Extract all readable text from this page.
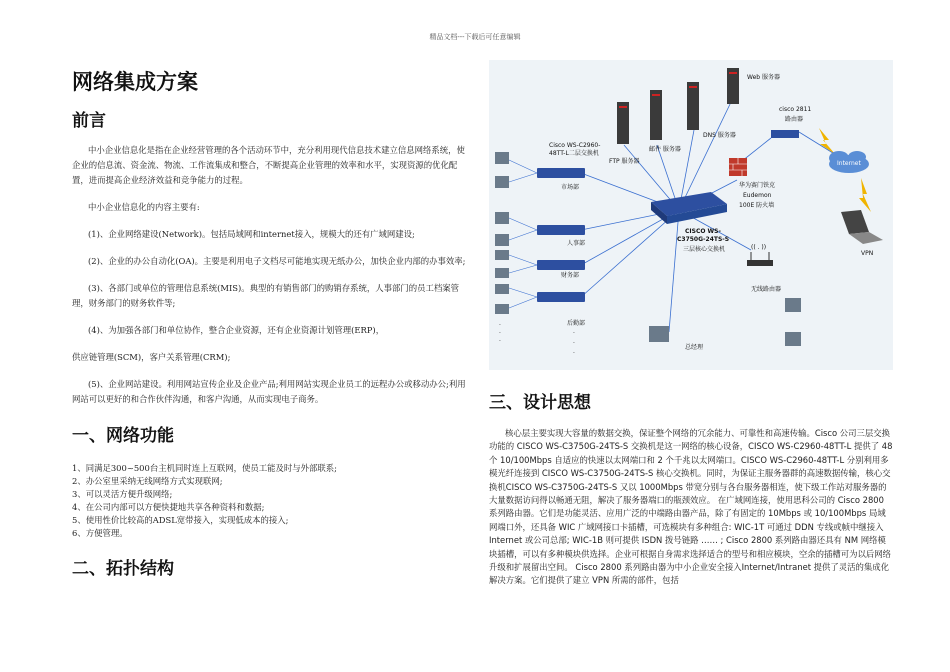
精品文档---下载后可任意编辑
网络集成方案
前言

中小企业信息化是指在企业经营管理的各个活动环节中，充分利用现代信息技术建立信息网络系统，使企业的信息流、资金流、物流、工作流集成和整合，不断提高企业管理的效率和水平，实现资源的优化配置，进而提高企业经济效益和竞争能力的过程。

中小企业信息化的内容主要有:

(1)、企业网络建设(Network)。包括局域网和internet接入，规模大的还有广域网建设;

(2)、企业的办公自动化(OA)。主要是利用电子文档尽可能地实现无纸办公，加快企业内部的办事效率;

(3)、各部门或单位的管理信息系统(MIS)。典型的有销售部门的购销存系统，人事部门的员工档案管理，财务部门的财务软件等;

(4)、为加强各部门和单位协作，整合企业资源，还有企业资源计划管理(ERP)，

供应链管理(SCM)，客户关系管理(CRM);

(5)、企业网站建设。利用网站宣传企业及企业产品;利用网站实现企业员工的远程办公或移动办公;利用网站可以更好的和合作伙伴沟通，和客户沟通，从而实现电子商务。

一、网络功能

1、同满足300~500台主机同时连上互联网，使员工能及时与外部联系;

2、办公室里采纳无线网络方式实现联网;

3、可以灵活方便升级网络;

4、在公司内部可以方便快捷地共享各种资料和数据;

5、使用性价比较高的ADSL宽带接入，实现低成本的接入;

6、方便管理。

二、拓扑结构
Web 服务器
cisco 2811
路由器
FTP 服务器
邮件 服务器
DNS 服务器
Cisco WS-C2960-
48TT-L二层交换机
华为赛门铁克
Eudemon
100E 防火墙
Internet
VPN
市场部
人事部
财务部
后勤部
CISCO WS-
C3750G-24TS-S
三层核心交换机	(( . ))
无线路由器
总经理
·
·
·
·
·
·
三、设计思想

核心层主要实现大容量的数据交换，保证整个网络的冗余能力、可靠性和高速传输。Cisco 公司三层交换功能的 CISCO WS-C3750G-24TS-S 交换机是这一网络的核心设备，CISCO WS-C2960-48TT-L 提供了 48 个 10/100Mbps 自适应的快速以太网端口和 2 个千兆以太网端口。CISCO WS-C2960-48TT-L 分别利用多模光纤连接到 CISCO WS-C3750G-24TS-S 核心交换机。同时，为保证主服务器群的高速数据传输，核心交换机CISCO WS-C3750G-24TS-S 又以 1000Mbps 带宽分别与各台服务器相连，使下级工作站对服务器的大量数据访问得以畅通无阻，解决了服务器端口的瓶颈效应。 在广域网连接，使用思科公司的 Cisco 2800 系列路由器。它们是功能灵活、应用广泛的中端路由器产品，除了有固定的 10Mbps 或 10/100Mbps 局域网端口外，还具备 WIC 广域网接口卡插槽，可选模块有多种组合: WIC-1T 可通过 DDN 专线或帧中继接入 Internet 或公司总部; WIC-1B 则可提供 ISDN 拨号链路 …… ; Cisco 2800 系列路由器还具有 NM 网络模块插槽，可以有多种模块供选择。企业可根据自身需求选择适合的型号和相应模块，空余的插槽可为以后网络升级和扩展留出空间。 Cisco 2800 系列路由器为中小企业安全接入Internet/Intranet 提供了灵活的集成化解决方案。它们提供了建立 VPN 所需的部件，包括
